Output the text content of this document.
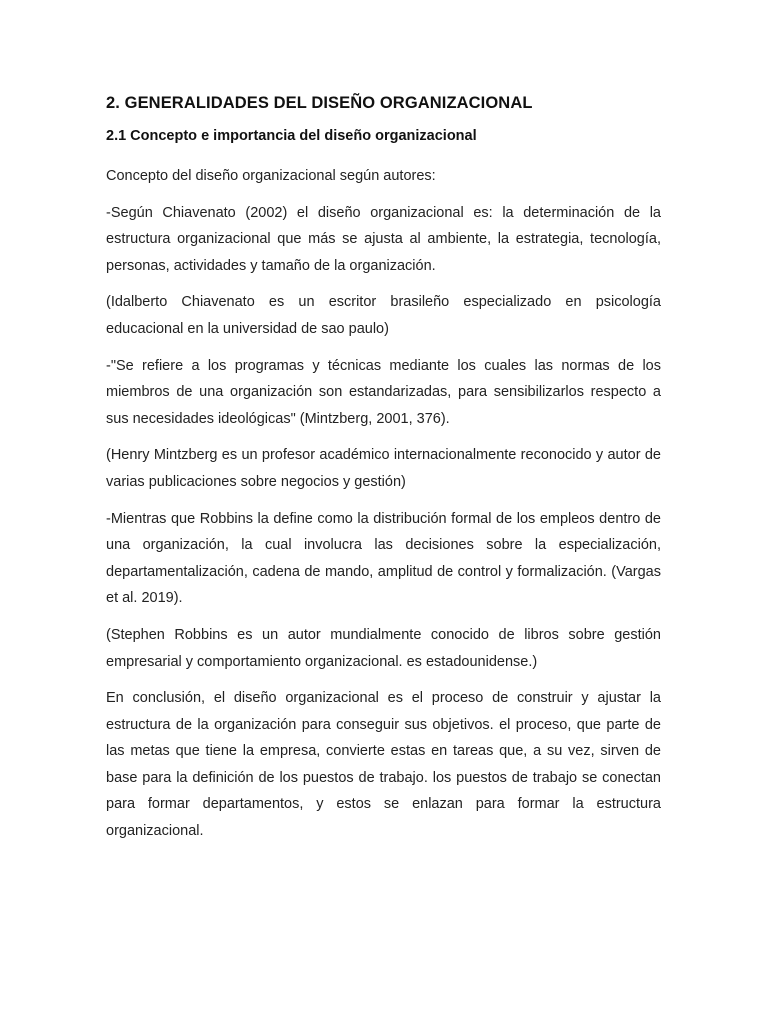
2. GENERALIDADES DEL DISEÑO ORGANIZACIONAL
2.1 Concepto e importancia del diseño organizacional

Concepto del diseño organizacional según autores:

-Según Chiavenato (2002) el diseño organizacional es: la determinación de la estructura organizacional que más se ajusta al ambiente, la estrategia, tecnología, personas, actividades y tamaño de la organización.

(Idalberto Chiavenato es un escritor brasileño especializado en psicología educacional en la universidad de sao paulo)

-"Se refiere a los programas y técnicas mediante los cuales las normas de los miembros de una organización son estandarizadas, para sensibilizarlos respecto a sus necesidades ideológicas" (Mintzberg, 2001, 376).

(Henry Mintzberg es un profesor académico internacionalmente reconocido y autor de varias publicaciones sobre negocios y gestión)

-Mientras que Robbins la define como la distribución formal de los empleos dentro de una organización, la cual involucra las decisiones sobre la especialización, departamentalización, cadena de mando, amplitud de control y formalización. (Vargas et al. 2019).

(Stephen Robbins es un autor mundialmente conocido de libros sobre gestión empresarial y comportamiento organizacional. es estadounidense.)

En conclusión, el diseño organizacional es el proceso de construir y ajustar la estructura de la organización para conseguir sus objetivos. el proceso, que parte de las metas que tiene la empresa, convierte estas en tareas que, a su vez, sirven de base para la definición de los puestos de trabajo. los puestos de trabajo se conectan para formar departamentos, y estos se enlazan para formar la estructura organizacional.
